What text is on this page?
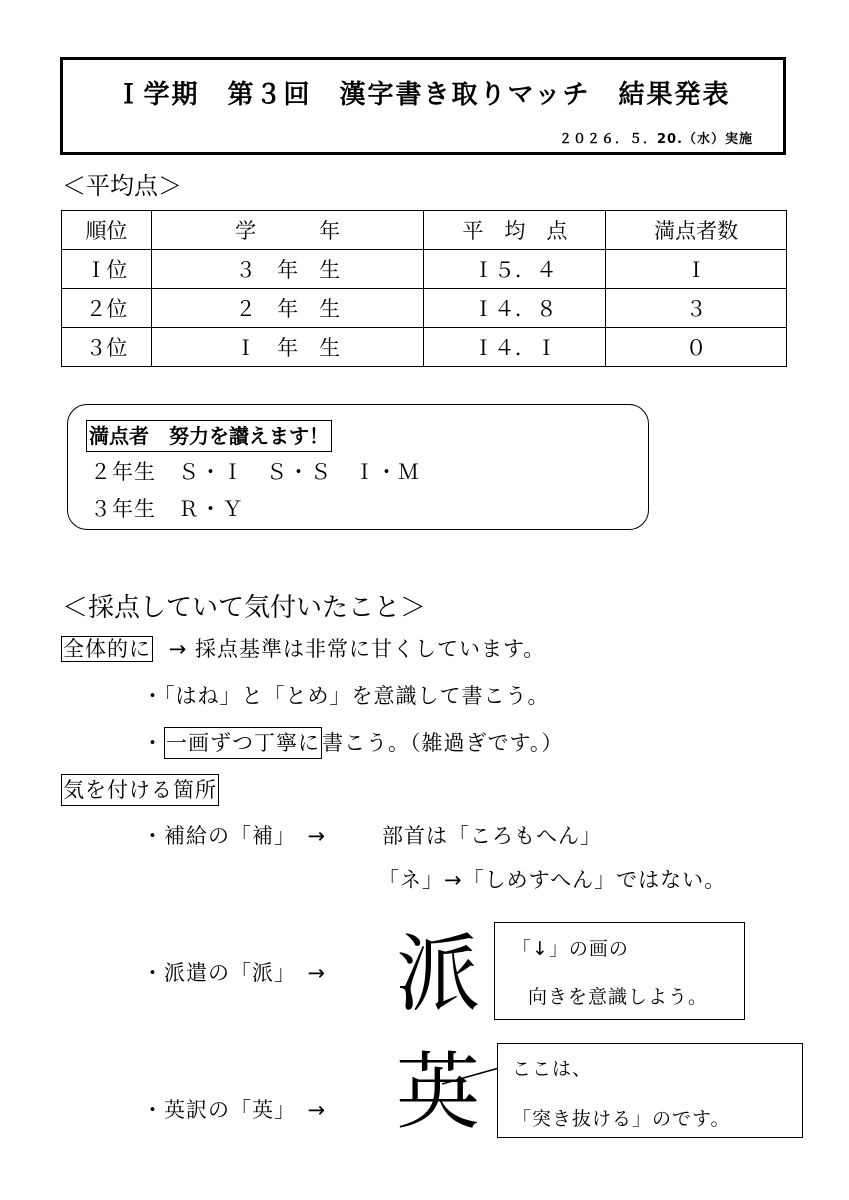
Ｉ学期　第３回　漢字書き取りマッチ　結果発表
２０２６．５．20.（水）実施
＜平均点＞
順位	学　　　年	平　均　点	満点者数
Ｉ位	３　年　生	Ｉ５．４	Ｉ
２位	２　年　生	Ｉ４．８	３
３位	Ｉ　年　生	Ｉ４．Ｉ	０
満点者　努力を讃えます！
２年生　Ｓ・Ｉ　Ｓ・Ｓ　Ｉ・Ｍ
３年生　Ｒ・Ｙ
＜採点していて気付いたこと＞
全体的に → 採点基準は非常に甘くしています。
・「はね」と「とめ」を意識して書こう。
・一画ずつ丁寧に書こう。（雑過ぎです。）
気を付ける箇所
・補給の「補」　→	部首は「ころもへん」
「ネ」→「しめすへん」ではない。
・派遣の「派」　→ 派 「↓」の画の
向きを意識しよう。
・英訳の「英」　→ 英 ここは、
「突き抜ける」のです。
